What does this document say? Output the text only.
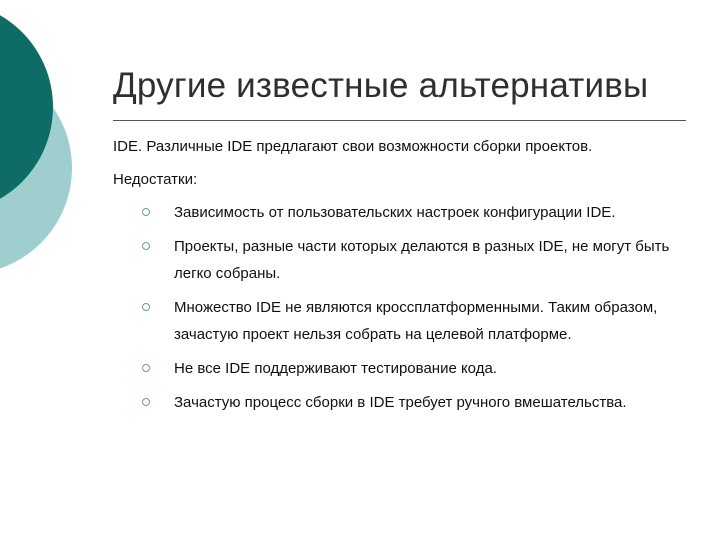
Другие известные альтернативы

IDE. Различные IDE предлагают свои возможности сборки проектов.

Недостатки:

Зависимость от пользовательских настроек конфигурации IDE.
Проекты, разные части которых делаются в разных IDE, не могут быть легко собраны.
Множество IDE не являются кроссплатформенными. Таким образом, зачастую проект нельзя собрать на целевой платформе.
Не все IDE поддерживают тестирование кода.
Зачастую процесс сборки в IDE требует ручного вмешательства.
